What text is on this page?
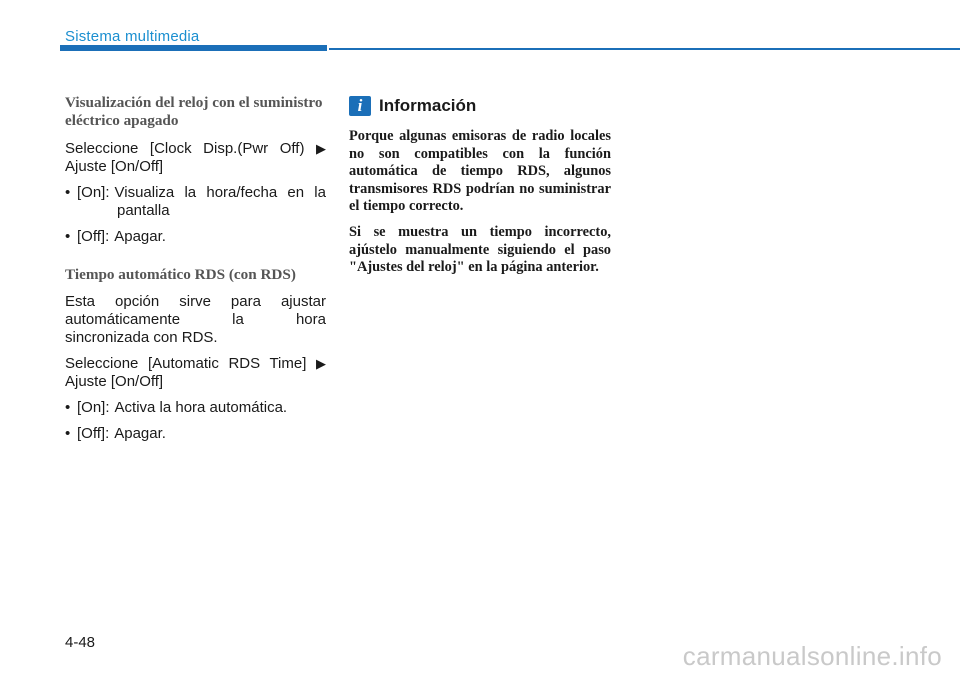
Sistema multimedia
Visualización del reloj con el suministro eléctrico apagado
Seleccione [Clock Disp.(Pwr Off) ▶
Ajuste [On/Off]
• [On]: Visualiza la hora/fecha en la
pantalla
• [Off]: Apagar.
Tiempo automático RDS (con RDS)
Esta opción sirve para ajustar
automáticamente la hora
sincronizada con RDS.
Seleccione [Automatic RDS Time] ▶
Ajuste [On/Off]
• [On]: Activa la hora automática.
• [Off]: Apagar.
i Información

Porque algunas emisoras de radio locales no son compatibles con la función automática de tiempo RDS, algunos transmisores RDS podrían no suministrar el tiempo correcto.

Si se muestra un tiempo incorrecto, ajústelo manualmente siguiendo el paso "Ajustes del reloj" en la página anterior.

4-48	carmanualsonline.info
